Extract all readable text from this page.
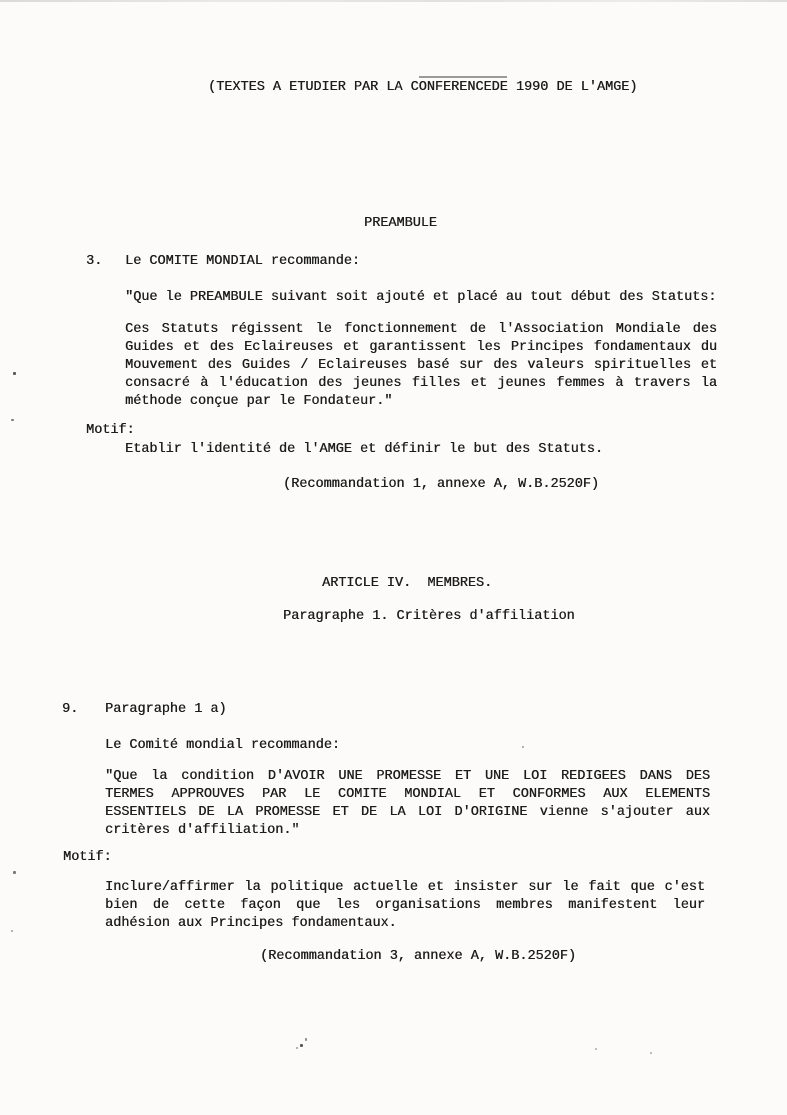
(TEXTES A ETUDIER PAR LA CONFERENCEDE 1990 DE L'AMGE)
PREAMBULE
3. Le COMITE MONDIAL recommande:
"Que le PREAMBULE suivant soit ajouté et placé au tout début des Statuts:
Ces Statuts régissent le fonctionnement de l'Association Mondiale des
Guides et des Eclaireuses et garantissent les Principes fondamentaux du
Mouvement des Guides / Eclaireuses basé sur des valeurs spirituelles et
consacré à l'éducation des jeunes filles et jeunes femmes à travers la
méthode conçue par le Fondateur."
Motif:
Etablir l'identité de l'AMGE et définir le but des Statuts.
(Recommandation 1, annexe A, W.B.2520F)
ARTICLE IV.  MEMBRES.
Paragraphe 1. Critères d'affiliation
9. Paragraphe 1 a)
Le Comité mondial recommande:
"Que la condition D'AVOIR UNE PROMESSE ET UNE LOI REDIGEES DANS DES
TERMES APPROUVES PAR LE COMITE MONDIAL ET CONFORMES AUX ELEMENTS
ESSENTIELS DE LA PROMESSE ET DE LA LOI D'ORIGINE vienne s'ajouter aux
critères d'affiliation."
Motif:
Inclure/affirmer la politique actuelle et insister sur le fait que c'est
bien de cette façon que les organisations membres manifestent leur
adhésion aux Principes fondamentaux.
(Recommandation 3, annexe A, W.B.2520F)
